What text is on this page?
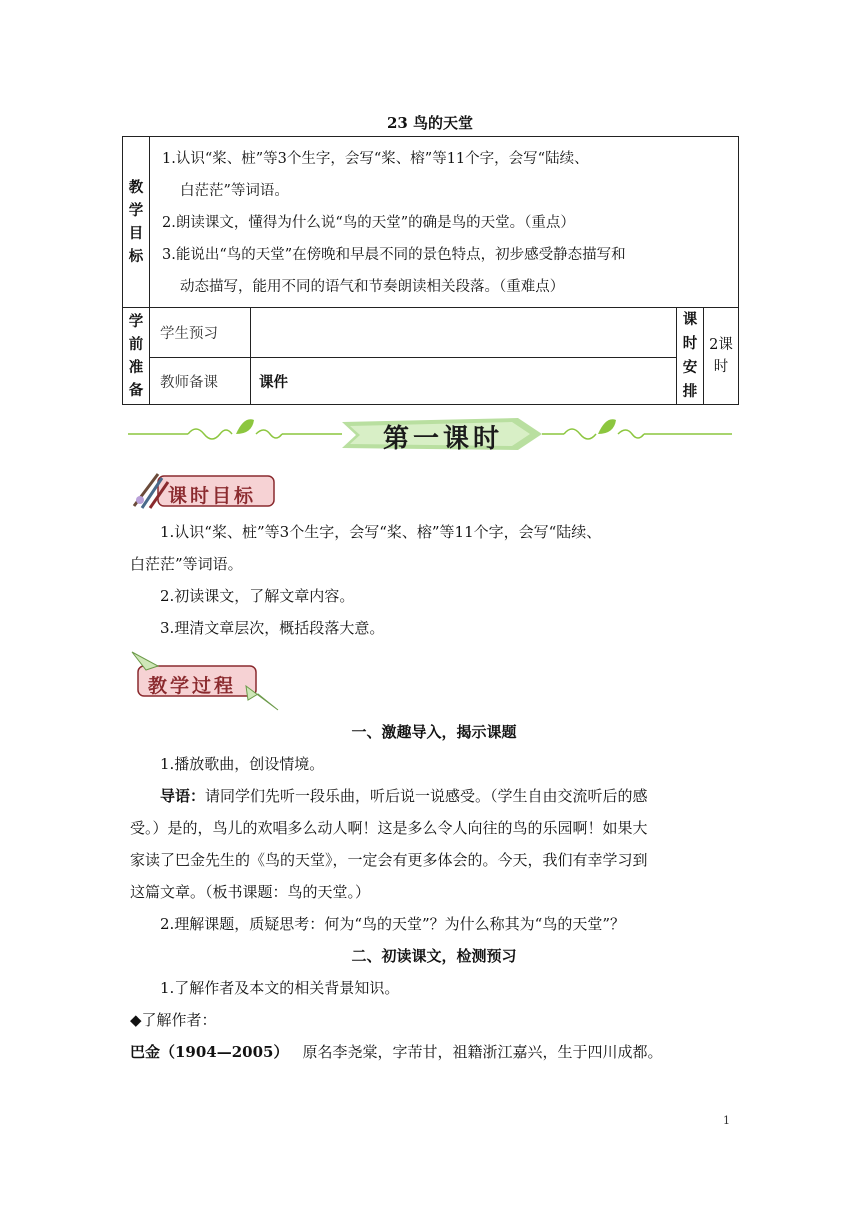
23 鸟的天堂
教学目标	1.认识“桨、桩”等3个生字，会写“桨、榕”等11个字，会写“陆续、

白茫茫”等词语。

2.朗读课文，懂得为什么说“鸟的天堂”的确是鸟的天堂。（重点）

3.能说出“鸟的天堂”在傍晚和早晨不同的景色特点，初步感受静态描写和

动态描写，能用不同的语气和节奏朗读相关段落。（重难点）			

学前准备	学生预习		课时安排	2课时
	教师备课	课件		
第一课时
课时目标

1.认识“桨、桩”等3个生字，会写“桨、榕”等11个字，会写“陆续、

白茫茫”等词语。

2.初读课文，了解文章内容。

3.理清文章层次，概括段落大意。

教学过程

一、激趣导入，揭示课题

1.播放歌曲，创设情境。

导语：请同学们先听一段乐曲，听后说一说感受。（学生自由交流听后的感

受。）是的，鸟儿的欢唱多么动人啊！这是多么令人向往的鸟的乐园啊！如果大

家读了巴金先生的《鸟的天堂》，一定会有更多体会的。今天，我们有幸学习到

这篇文章。（板书课题：鸟的天堂。）

2.理解课题，质疑思考：何为“鸟的天堂”？为什么称其为“鸟的天堂”？

二、初读课文，检测预习

1.了解作者及本文的相关背景知识。

◆了解作者：

巴金（1904—2005） 原名李尧棠，字芾甘，祖籍浙江嘉兴，生于四川成都。

1
